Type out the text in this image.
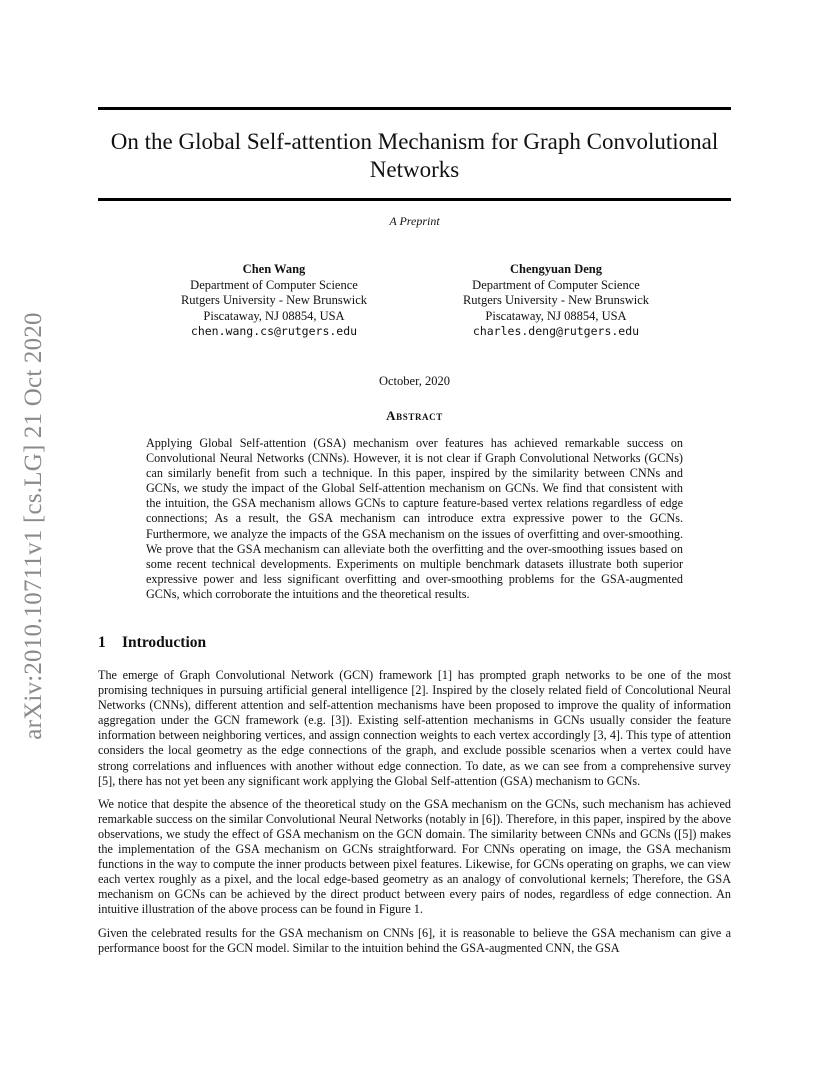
arXiv:2010.10711v1 [cs.LG] 21 Oct 2020
On the Global Self-attention Mechanism for Graph Convolutional
Networks
A Preprint
Chen Wang
Department of Computer Science
Rutgers University - New Brunswick
Piscataway, NJ 08854, USA
chen.wang.cs@rutgers.edu
Chengyuan Deng
Department of Computer Science
Rutgers University - New Brunswick
Piscataway, NJ 08854, USA
charles.deng@rutgers.edu
October, 2020
Abstract
Applying Global Self-attention (GSA) mechanism over features has achieved remarkable success on Convolutional Neural Networks (CNNs). However, it is not clear if Graph Convolutional Networks (GCNs) can similarly benefit from such a technique. In this paper, inspired by the similarity between CNNs and GCNs, we study the impact of the Global Self-attention mechanism on GCNs. We find that consistent with the intuition, the GSA mechanism allows GCNs to capture feature-based vertex relations regardless of edge connections; As a result, the GSA mechanism can introduce extra expressive power to the GCNs. Furthermore, we analyze the impacts of the GSA mechanism on the issues of overfitting and over-smoothing. We prove that the GSA mechanism can alleviate both the overfitting and the over-smoothing issues based on some recent technical developments. Experiments on multiple benchmark datasets illustrate both superior expressive power and less significant overfitting and over-smoothing problems for the GSA-augmented GCNs, which corroborate the intuitions and the theoretical results.
1 Introduction

The emerge of Graph Convolutional Network (GCN) framework [1] has prompted graph networks to be one of the most promising techniques in pursuing artificial general intelligence [2]. Inspired by the closely related field of Concolutional Neural Networks (CNNs), different attention and self-attention mechanisms have been proposed to improve the quality of information aggregation under the GCN framework (e.g. [3]). Existing self-attention mechanisms in GCNs usually consider the feature information between neighboring vertices, and assign connection weights to each vertex accordingly [3, 4]. This type of attention considers the local geometry as the edge connections of the graph, and exclude possible scenarios when a vertex could have strong correlations and influences with another without edge connection. To date, as we can see from a comprehensive survey [5], there has not yet been any significant work applying the Global Self-attention (GSA) mechanism to GCNs.

We notice that despite the absence of the theoretical study on the GSA mechanism on the GCNs, such mechanism has achieved remarkable success on the similar Convolutional Neural Networks (notably in [6]). Therefore, in this paper, inspired by the above observations, we study the effect of GSA mechanism on the GCN domain. The similarity between CNNs and GCNs ([5]) makes the implementation of the GSA mechanism on GCNs straightforward. For CNNs operating on image, the GSA mechanism functions in the way to compute the inner products between pixel features. Likewise, for GCNs operating on graphs, we can view each vertex roughly as a pixel, and the local edge-based geometry as an analogy of convolutional kernels; Therefore, the GSA mechanism on GCNs can be achieved by the direct product between every pairs of nodes, regardless of edge connection. An intuitive illustration of the above process can be found in Figure 1.

Given the celebrated results for the GSA mechanism on CNNs [6], it is reasonable to believe the GSA mechanism can give a performance boost for the GCN model. Similar to the intuition behind the GSA-augmented CNN, the GSA
